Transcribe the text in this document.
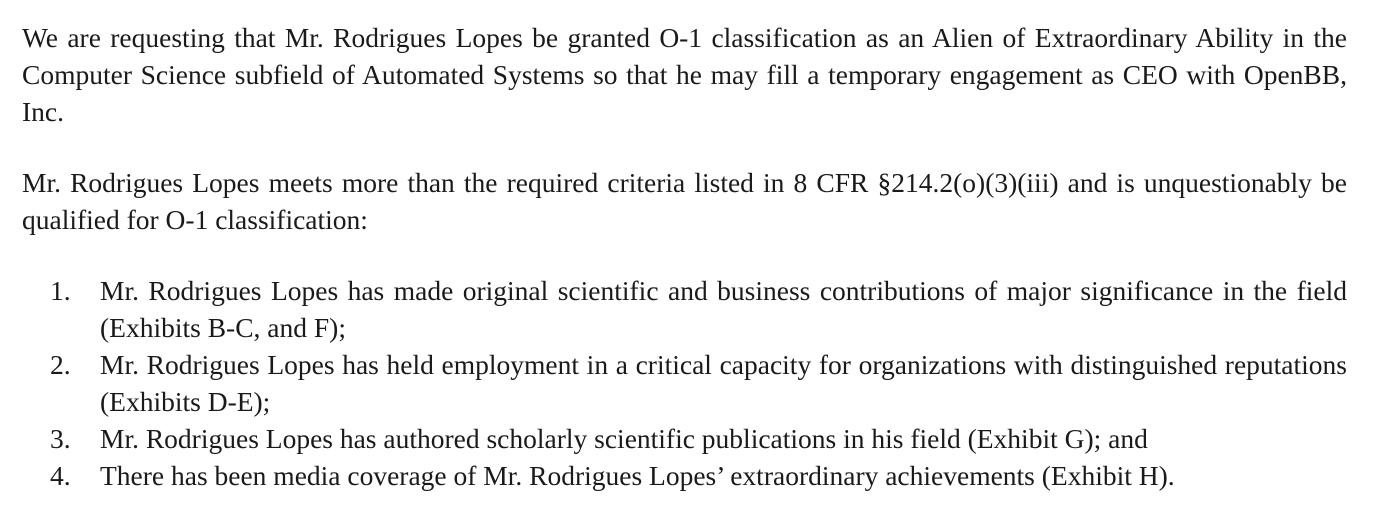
We are requesting that Mr. Rodrigues Lopes be granted O-1 classification as an Alien of Extraordinary Ability in the Computer Science subfield of Automated Systems so that he may fill a temporary engagement as CEO with OpenBB, Inc.

Mr. Rodrigues Lopes meets more than the required criteria listed in 8 CFR §214.2(o)(3)(iii) and is unquestionably be qualified for O-1 classification:

1. Mr. Rodrigues Lopes has made original scientific and business contributions of major significance in the field (Exhibits B-C, and F);
2. Mr. Rodrigues Lopes has held employment in a critical capacity for organizations with distinguished reputations (Exhibits D-E);
3. Mr. Rodrigues Lopes has authored scholarly scientific publications in his field (Exhibit G); and
4. There has been media coverage of Mr. Rodrigues Lopes’ extraordinary achievements (Exhibit H).
